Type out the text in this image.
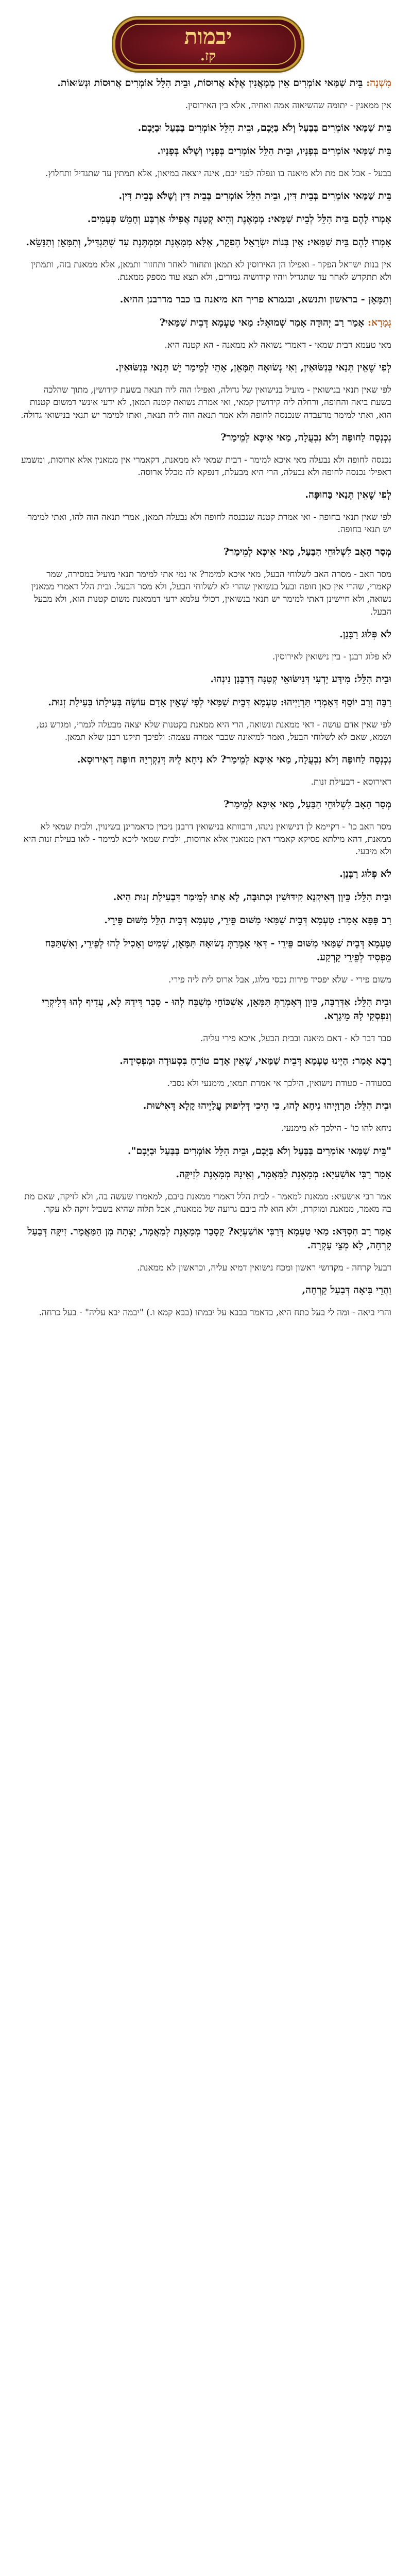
יבמות
קז.

מִשְׁנָה: בֵּית שַׁמַּאי אוֹמְרִים אֵין מְמָאֲנִין אֶלָּא אֲרוּסוֹת, וּבֵית הִלֵּל אוֹמְרִים אֲרוּסוֹת וּנְשׂוּאוֹת.

אין ממאנין - יתומה שהשיאוה אמה ואחיה, אלא בין האירוסין.

בֵּית שַׁמַּאי אוֹמְרִים בַּבַּעַל וְלֹא בַּיָּבָם, וּבֵית הִלֵּל אוֹמְרִים בַּבַּעַל וּבַיָּבָם.

בֵּית שַׁמַּאי אוֹמְרִים בְּפָנָיו, וּבֵית הִלֵּל אוֹמְרִים בְּפָנָיו וְשֶׁלֹּא בְּפָנָיו.

בבעל - אבל אם מת ולא מיאנה בו ונפלה לפני יבם, אינה יוצאה במיאון, אלא תמתין עד שתגדיל ותחלוץ.

בֵּית שַׁמַּאי אוֹמְרִים בְּבֵית דִּין, וּבֵית הִלֵּל אוֹמְרִים בְּבֵית דִּין וְשֶׁלֹּא בְּבֵית דִּין.

אָמְרוּ לָהֶם בֵּית הִלֵּל לְבֵית שַׁמַּאי: מְמָאֶנֶת וְהִיא קְטַנָּה אֲפִילּוּ אַרְבַּע וְחָמֵשׁ פְּעָמִים.

אָמְרוּ לָהֶם בֵּית שַׁמַּאי: אֵין בְּנוֹת יִשְׂרָאֵל הֶפְקֵר, אֶלָּא מְמָאֶנֶת וּמַמְתֶּנֶת עַד שֶׁתַּגְדִּיל, וְתִמָּאֵן וְתִנָּשֵׂא.

אין בנות ישראל הפקר - ואפילו הן האירוסין לא תמאן ותחזור לאחר ותחזור ותמאן, אלא ממאנת בזה, ותמתין ולא תתקדש לאחר עד שתגדיל ויהיו קידושיה גמורים, ולא תצא עוד מספק ממאנת.

וְתִמָּאֵן - בראשון ותנשא, ובגמרא פריך הא מיאנה בו כבר מדרבנן ההיא.

גְּמָרָא: אָמַר רַב יְהוּדָה אָמַר שְׁמוּאֵל: מַאי טַעְמָא דְּבֵית שַׁמַּאי?

מאי טעמא דבית שמאי - דאמרי נשואה לא ממאנה - הא קטנה היא.

לְפִי שֶׁאֵין תְּנַאי בְּנִשּׂוּאִין, וְאִי נְשׂוּאָה תִּמָּאֵן, אָתֵי לְמֵימַר יֵשׁ תְּנַאי בְּנִשּׂוּאִין.

לפי שאין תנאי בנישואין - מועיל בנישואין של גדולה, ואפילו הוה ליה תנאה בשעת קידושין, מתוך שהלכה בשעת ביאה והחופה, ורחלה ליה קידושין קמאי, ואי אמרת נשואה קטנה תמאן, לא ידעי אינשי דמשום קטנות הוא, ואתי למימר מדעבדה שנכנסה לחופה ולא אמר תנאה הוה ליה תנאה, ואתו למימר יש תנאי בנישואי גדולה.

נִכְנְסָה לַחוּפָּה וְלֹא נִבְעֲלָה, מַאי אִיכָּא לְמֵימַר?

נכנסה לחופה ולא נבעלה מאי איכא למימר - דבית שמאי לא ממאנת, דקאמרי אין ממאנין אלא ארוסות, ומשמע דאפילו נכנסה לחופה ולא נבעלה, הרי היא מבעלת, דנפקא לה מכלל ארוסה.

לְפִי שֶׁאֵין תְּנַאי בַּחוּפָּה.

לפי שאין תנאי בחופה - ואי אמרת קטנה שנכנסה לחופה ולא נבעלה תמאן, אמרי תנאה הוה להו, ואתי למימר יש תנאי בחופה.

מְסַר הָאָב לִשְׁלוּחֵי הַבַּעַל, מַאי אִיכָּא לְמֵימַר?

מסר האב - מסרה האב לשלוחי הבעל, מאי איכא למימר? אי נמי אתי למימר תנאי מועיל במסירה, שמר קאמרי, שהרי אין כאן חופה ובעל בנשואין שהרי לא לשלוחי הבעל, ולא מסר הבעל. ובית הלל דאמרי ממאנין נשואה, ולא חיישינן דאתי למימר יש תנאי בנשואין, דכולי עלמא ידעי דממאנת משום קטנות הוא, ולא מבעל הבעל.

לֹא פְּלוּג רַבָּנַן.

לא פלוג רבנן - בין נישואין לאירוסין.

וּבֵית הִלֵּל: מִידָּע יָדְעִי דְּנִישּׂוּאֵי קְטַנָּה דְּרַבָּנַן נִינְהוּ.

רַבָּה וְרַב יוֹסֵף דְּאָמְרִי תַּרְוַיְיהוּ: טַעְמָא דְּבֵית שַׁמַּאי לְפִי שֶׁאֵין אָדָם עוֹשֶׂה בְּעִילָתוֹ בְּעִילַת זְנוּת.

לפי שאין אדם עושה - דאי ממאנת ונשואה, הרי היא ממאנת בקטנות שלא יצאה מבעלה לגמרי, ומגרש גט, ושמא, שאם לא לשלוחי הבעל, ואמר למיאונה שכבר אמרה עצמה: ולפיכך תיקנו רבנן שלא תמאן.

נִכְנְסָה לַחוּפָּה וְלֹא נִבְעֲלָה, מַאי אִיכָּא לְמֵימַר? לֹא נִיחָא לֵיהּ דְּנִקְרְיַהּ חוּפָּה דְאִירוּסָא.

דאירוסא - דבעילת זנות.

מְסַר הָאָב לִשְׁלוּחֵי הַבַּעַל, מַאי אִיכָּא לְמֵימַר?

מסר האב כו' - דקיימא לן דנישואין נינהו, ורבוותא בנישואין דרבנן ניכוין כדאמרינן בשינוין, ולבית שמאי לא ממאנת, דהא מילתא פסיקא קאמרי דאין ממאנין אלא ארוסות, ולבית שמאי ליכא למימר - לאו בעילת זנות היא ולא מיבעי.

לֹא פְּלוּג רַבָּנַן.

וּבֵית הִלֵּל: כֵּיוָן דְּאִיקְנָא קִידּוּשִׁין וּכְתוּבָּה, לָא אָתוּ לְמֵימַר דִּבְעִילַת זְנוּת הִיא.

רַב פָּפָּא אָמַר: טַעְמָא דְּבֵית שַׁמַּאי מִשּׁוּם פֵּירֵי, טַעְמָא דְּבֵית הִלֵּל מִשּׁוּם פֵּירֵי.

טַעְמָא דְּבֵית שַׁמַּאי מִשּׁוּם פֵּירֵי - דְּאִי אָמְרַתְּ נְשׂוּאָה תִּמָּאֵן, שְׁמִיט וְאָכִיל לְהוּ לְפֵירֵי, וְאִשְׁתַּכַּח מֵפְסִיד לְפֵירֵי קָרְקַע.

משום פירי - שלא יפסיד פירות נכסי מלוג, אבל ארוס לית ליה פירי.

וּבֵית הִלֵּל: אַדְּרַבָּה, כֵּיוָן דְּאָמְרַתְּ תִּמָּאֵן, אִשְׁכּוֹחֵי מְשַׁבַּח לְהוּ - סָבַר דִּידַהּ לָא, עֲדִיף לְהוּ דְּלִיקְרִי וְנִפְסְקִי לָהּ מֵיגָרָא.

סבר דבר לא - דאם מיאנה ובבית הבעל, איכא פירי עליה.

רָבָא אָמַר: הַיְינוּ טַעְמָא דְּבֵית שַׁמַּאי, שֶׁאֵין אָדָם טוֹרֵחַ בִּסְעוּדָה וּמַפְסִידָהּ.

בסעודה - סעודת נישואין, הילכך אי אמרת תמאן, מימנעי ולא נסבי.

וּבֵית הִלֵּל: תַּרְוַיְיהוּ נִיחָא לְהוּ, כִּי הֵיכִי דְּלִיפוּק עֲלַיְיהוּ קָלָא דְּאִישׁוּת.

ניחא להו כו' - הילכך לא מימנעי.

"בֵּית שַׁמַּאי אוֹמְרִים בַּבַּעַל וְלֹא בַּיָּבָם, וּבֵית הִלֵּל אוֹמְרִים בַּבַּעַל וּבַיָּבָם".

אָמַר רַבִּי אוֹשַׁעְיָא: מְמָאֶנֶת לַמַּאֲמָר, וְאֵינָהּ מְמָאֶנֶת לְזִיקָּה.

אמר רבי אושעיא: ממאנת למאמר - לבית הלל דאמרי ממאנת ביבם, למאמרו שעשה בה, ולא לזיקה, שאם מת בה מאמר, ממאנת ומוקרת, ולא הוא לה ביבם גרועה של ממאנות, אבל תלוה שהיא בשביל זיקה לא עקר.

אָמַר רַב חִסְדָּא: מַאי טַעְמָא דְּרַבִּי אוֹשַׁעְיָא? קָסָבַר מְמָאֶנֶת לְמַאֲמָר, יָצְתָה מִן הַמַּאֲמָר. זִיקָּה דְּבַעַל קָרְחָה, לָא מְצֵי עָקְרָה.

דבעל קרחה - מקדושי ראשון ומכח נישואין דמיא עליה, וכראשון לא ממאנת.

וַהֲרֵי בִּיאָה דְּבַעַל קָרְחָה,

והרי ביאה - ומה לי בעל כתח היא, כדאמר בבבא על יבמתו (בבא קמא ו.) "יבמה יבא עליה" - בעל כרחה.
